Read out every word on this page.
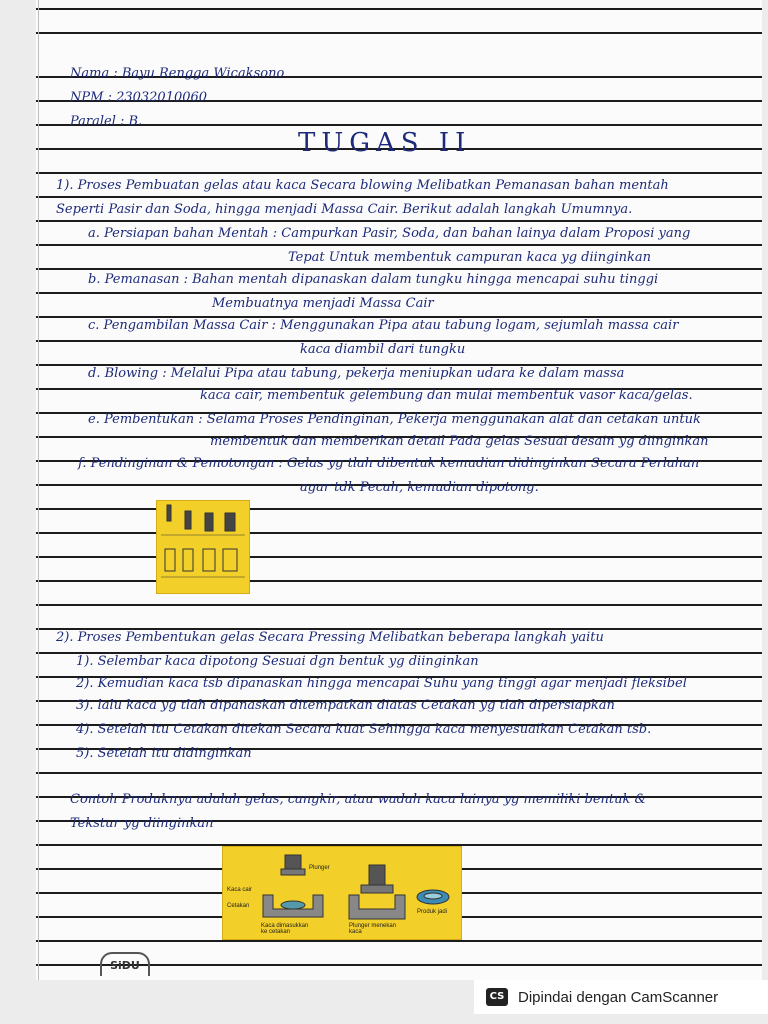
Nama : Bayu Rengga Wicaksono
NPM : 23032010060
Paralel : B.
TUGAS II
1). Proses Pembuatan gelas atau kaca Secara blowing Melibatkan Pemanasan bahan mentah
Seperti Pasir dan Soda, hingga menjadi Massa Cair. Berikut adalah langkah Umumnya.
a. Persiapan bahan Mentah : Campurkan Pasir, Soda, dan bahan lainya dalam Proposi yang
Tepat Untuk membentuk campuran kaca yg diinginkan
b. Pemanasan : Bahan mentah dipanaskan dalam tungku hingga mencapai suhu tinggi
Membuatnya menjadi Massa Cair
c. Pengambilan Massa Cair : Menggunakan Pipa atau tabung logam, sejumlah massa cair
kaca diambil dari tungku
d. Blowing : Melalui Pipa atau tabung, pekerja meniupkan udara ke dalam massa
kaca cair, membentuk gelembung dan mulai membentuk vasor kaca/gelas.
e. Pembentukan : Selama Proses Pendinginan, Pekerja menggunakan alat dan cetakan untuk
membentuk dan memberikan detail Pada gelas Sesuai desain yg diinginkan
f. Pendinginan & Pemotongan : Gelas yg tlah dibentuk kemudian didinginkan Secara Perlahan
agar tdk Pecah, kemudian dipotong.
2). Proses Pembentukan gelas Secara Pressing Melibatkan beberapa langkah yaitu
1). Selembar kaca dipotong Sesuai dgn bentuk yg diinginkan
2). Kemudian kaca tsb dipanaskan hingga mencapai Suhu yang tinggi agar menjadi fleksibel
3). lalu kaca yg tlah dipanaskan ditempatkan diatas Cetakan yg tlah dipersiapkan
4). Setelah itu Cetakan ditekan Secara kuat Sehingga kaca menyesuaikan Cetakan tsb.
5). Setelah itu didinginkan
Contoh Produknya adalah gelas, cangkir, atau wadah kaca lainya yg memiliki bentuk &
Tekstur yg diinginkan
Plunger
Kaca cair
Cetakan
Kaca dimasukkan ke cetakan
Plunger menekan kaca
Produk jadi
SiDU
CS Dipindai dengan CamScanner
